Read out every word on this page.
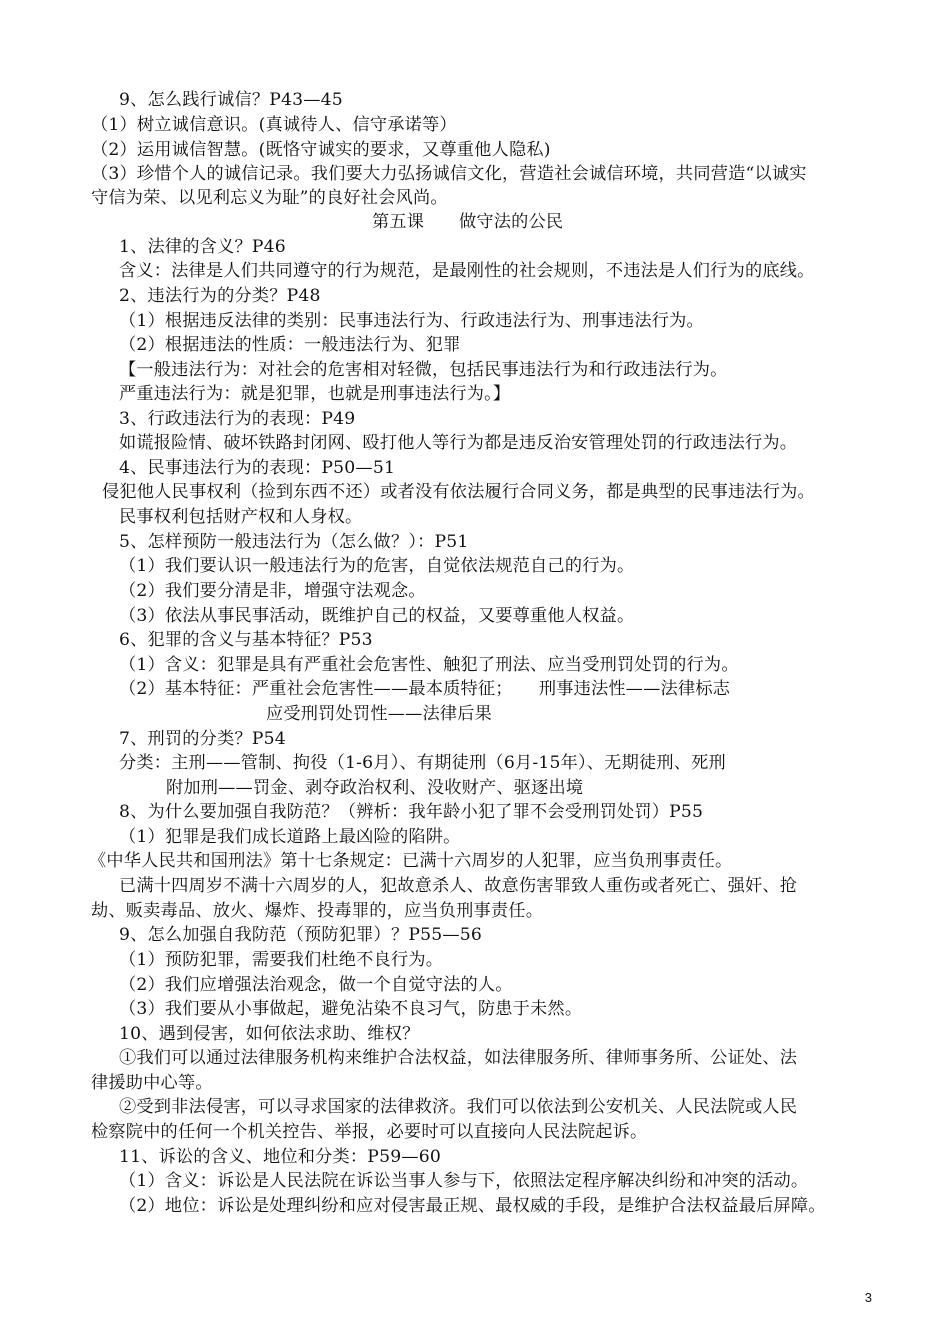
9、怎么践行诚信？P43—45
（1）树立诚信意识。(真诚待人、信守承诺等）
（2）运用诚信智慧。(既恪守诚实的要求，又尊重他人隐私)
（3）珍惜个人的诚信记录。我们要大力弘扬诚信文化，营造社会诚信环境，共同营造“以诚实
守信为荣、以见利忘义为耻”的良好社会风尚。
第五课　　做守法的公民
1、法律的含义？P46
含义：法律是人们共同遵守的行为规范，是最刚性的社会规则，不违法是人们行为的底线。
2、违法行为的分类？P48
（1）根据违反法律的类别：民事违法行为、行政违法行为、刑事违法行为。
（2）根据违法的性质：一般违法行为、犯罪
【一般违法行为：对社会的危害相对轻微，包括民事违法行为和行政违法行为。
严重违法行为：就是犯罪，也就是刑事违法行为。】
3、行政违法行为的表现：P49
如谎报险情、破坏铁路封闭网、殴打他人等行为都是违反治安管理处罚的行政违法行为。
4、民事违法行为的表现：P50—51
侵犯他人民事权利（捡到东西不还）或者没有依法履行合同义务，都是典型的民事违法行为。
民事权利包括财产权和人身权。
5、怎样预防一般违法行为（怎么做？）：P51
（1）我们要认识一般违法行为的危害，自觉依法规范自己的行为。
（2）我们要分清是非，增强守法观念。
（3）依法从事民事活动，既维护自己的权益，又要尊重他人权益。
6、犯罪的含义与基本特征？P53
（1）含义：犯罪是具有严重社会危害性、触犯了刑法、应当受刑罚处罚的行为。
（2）基本特征：严重社会危害性——最本质特征；　　刑事违法性——法律标志
应受刑罚处罚性——法律后果
7、刑罚的分类？P54
分类：主刑——管制、拘役（1-6月）、有期徒刑（6月-15年）、无期徒刑、死刑
附加刑——罚金、剥夺政治权利、没收财产、驱逐出境
8、为什么要加强自我防范？（辨析：我年龄小犯了罪不会受刑罚处罚）P55
（1）犯罪是我们成长道路上最凶险的陷阱。
《中华人民共和国刑法》第十七条规定：已满十六周岁的人犯罪，应当负刑事责任。
已满十四周岁不满十六周岁的人，犯故意杀人、故意伤害罪致人重伤或者死亡、强奸、抢
劫、贩卖毒品、放火、爆炸、投毒罪的，应当负刑事责任。
9、怎么加强自我防范（预防犯罪）？P55—56
（1）预防犯罪，需要我们杜绝不良行为。
（2）我们应增强法治观念，做一个自觉守法的人。
（3）我们要从小事做起，避免沾染不良习气，防患于未然。
10、遇到侵害，如何依法求助、维权？
①我们可以通过法律服务机构来维护合法权益，如法律服务所、律师事务所、公证处、法
律援助中心等。
②受到非法侵害，可以寻求国家的法律救济。我们可以依法到公安机关、人民法院或人民
检察院中的任何一个机关控告、举报，必要时可以直接向人民法院起诉。
11、诉讼的含义、地位和分类：P59—60
（1）含义：诉讼是人民法院在诉讼当事人参与下，依照法定程序解决纠纷和冲突的活动。
（2）地位：诉讼是处理纠纷和应对侵害最正规、最权威的手段，是维护合法权益最后屏障。
3
